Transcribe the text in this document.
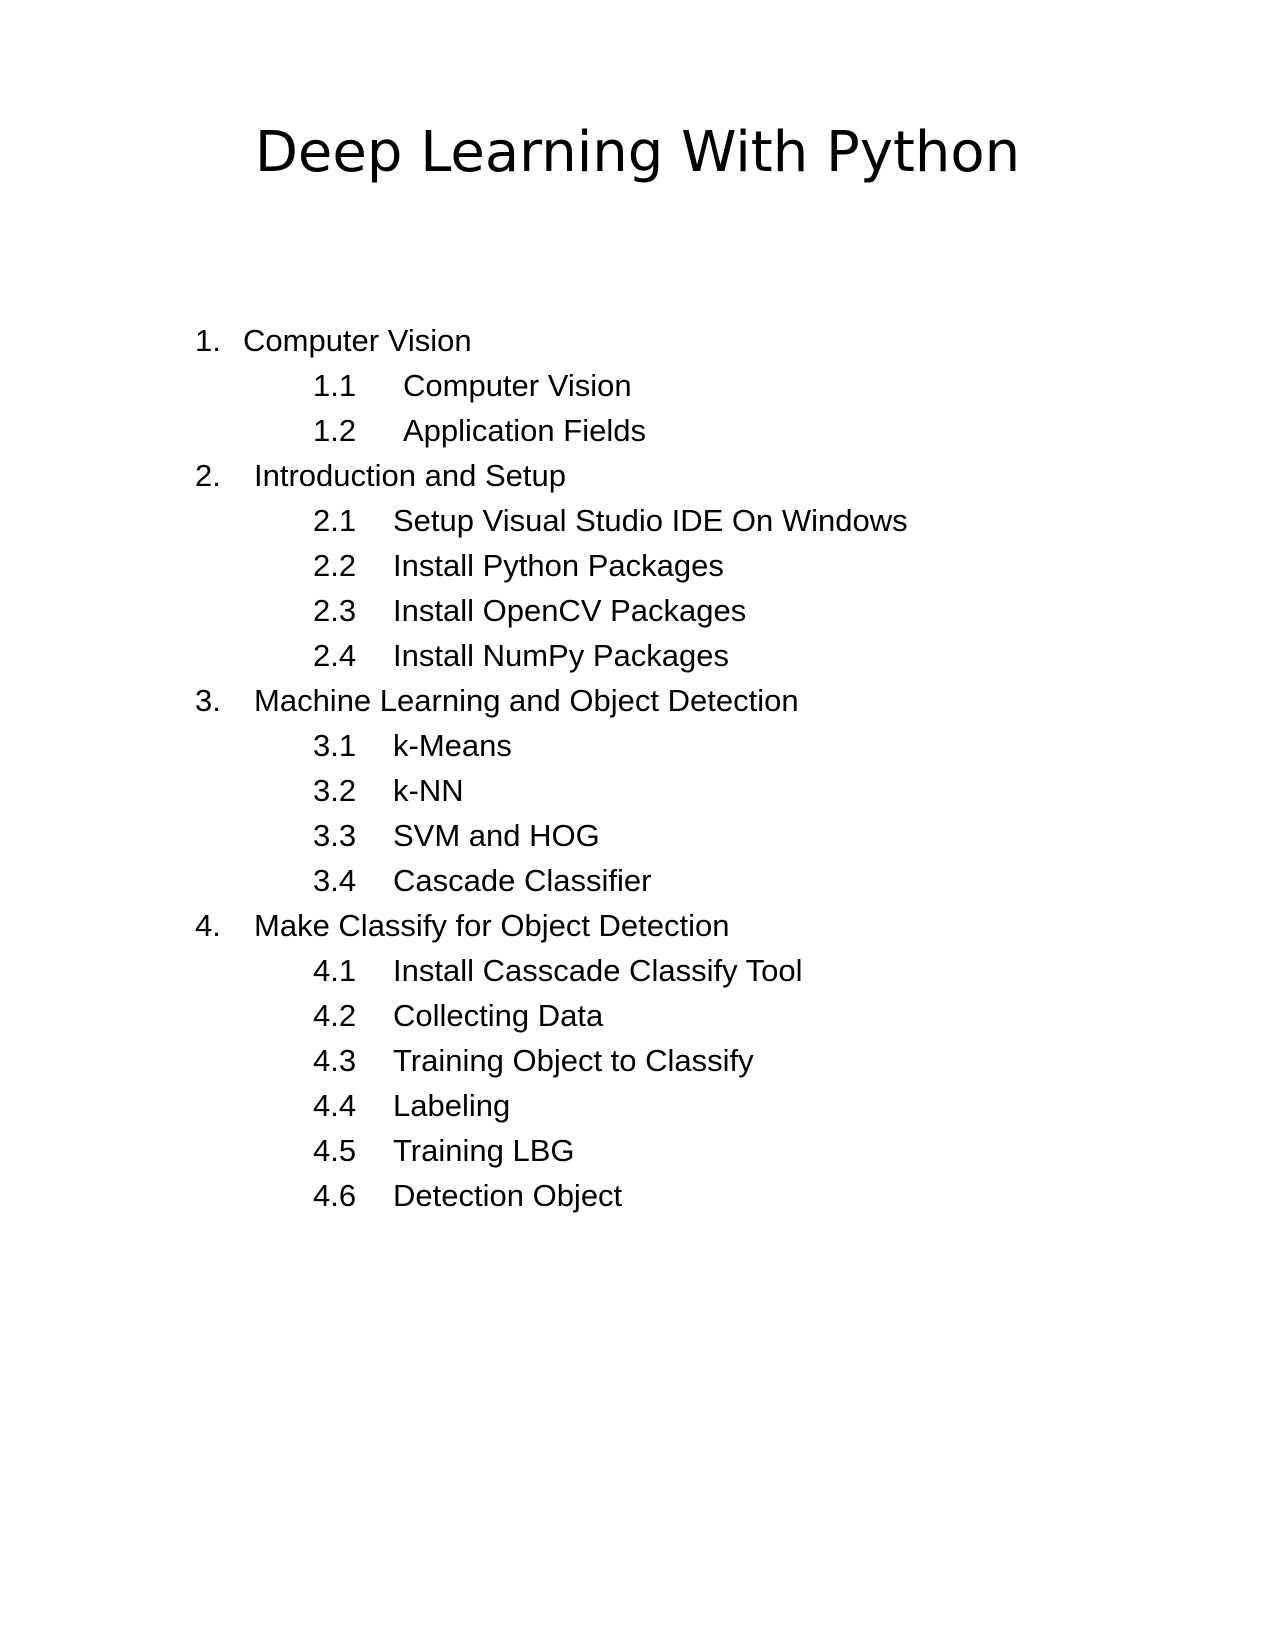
Deep Learning With Python
1. Computer Vision
1.1 Computer Vision
1.2 Application Fields
2. Introduction and Setup
2.1 Setup Visual Studio IDE On Windows
2.2 Install Python Packages
2.3 Install OpenCV Packages
2.4 Install NumPy Packages
3. Machine Learning and Object Detection
3.1 k-Means
3.2 k-NN
3.3 SVM and HOG
3.4 Cascade Classifier
4. Make Classify for Object Detection
4.1 Install Casscade Classify Tool
4.2 Collecting Data
4.3 Training Object to Classify
4.4 Labeling
4.5 Training LBG
4.6 Detection Object
